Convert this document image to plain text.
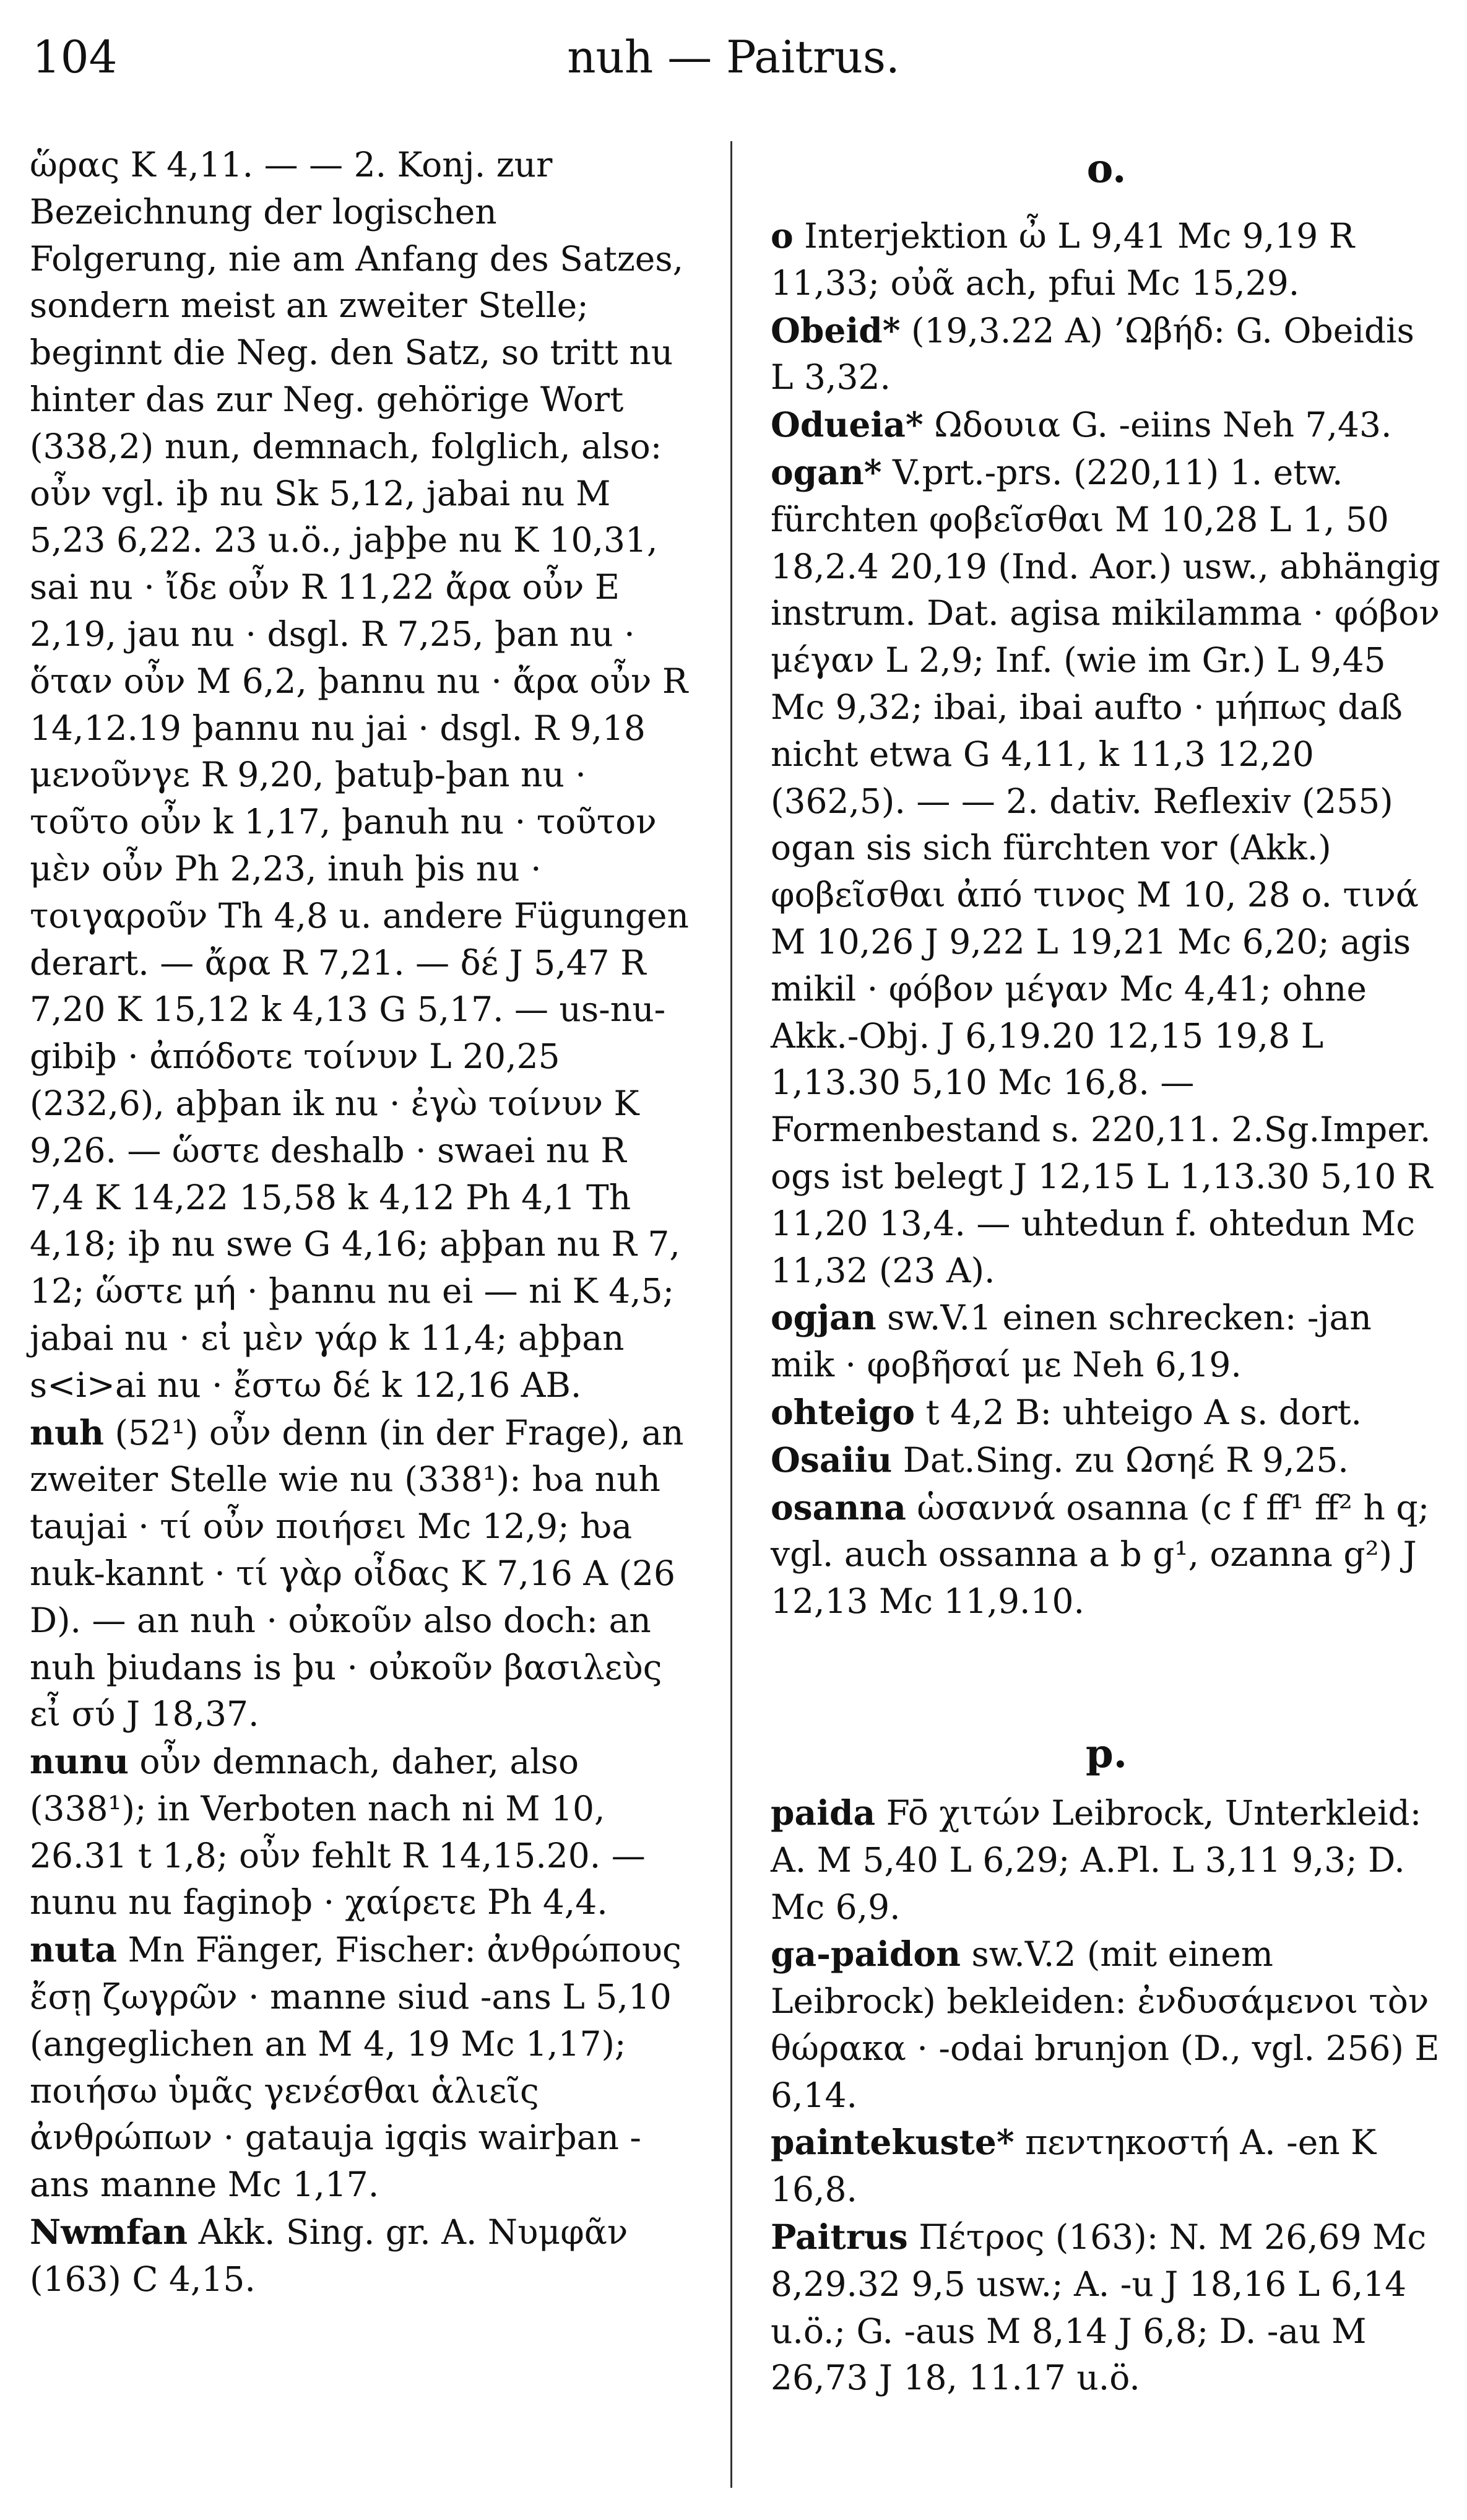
104	nuh — Paitrus.

ὥρας K 4,11. — — 2. Konj. zur Bezeichnung der logischen Folgerung, nie am Anfang des Satzes, sondern meist an zweiter Stelle; beginnt die Neg. den Satz, so tritt nu hinter das zur Neg. gehörige Wort (338,2) nun, demnach, folglich, also: οὖν vgl. iþ nu Sk 5,12, jabai nu M 5,23 6,22. 23 u.ö., jaþþe nu K 10,31, sai nu · ἴδε οὖν R 11,22 ἄρα οὖν E 2,19, jau nu · dsgl. R 7,25, þan nu · ὅταν οὖν M 6,2, þannu nu · ἄρα οὖν R 14,12.19 þannu nu jai · dsgl. R 9,18 μενοῦνγε R 9,20, þatuþ-þan nu · τοῦτο οὖν k 1,17, þanuh nu · τοῦτον μὲν οὖν Ph 2,23, inuh þis nu · τοιγαροῦν Th 4,8 u. andere Fügungen derart. — ἄρα R 7,21. — δέ J 5,47 R 7,20 K 15,12 k 4,13 G 5,17. — us-nu-gibiþ · ἀπόδοτε τοίνυν L 20,25 (232,6), aþþan ik nu · ἐγὼ τοίνυν K 9,26. — ὥστε deshalb · swaei nu R 7,4 K 14,22 15,58 k 4,12 Ph 4,1 Th 4,18; iþ nu swe G 4,16; aþþan nu R 7, 12; ὥστε μή · þannu nu ei — ni K 4,5; jabai nu · εἰ μὲν γάρ k 11,4; aþþan s<i>ai nu · ἔστω δέ k 12,16 AB.

nuh (52¹) οὖν denn (in der Frage), an zweiter Stelle wie nu (338¹): ƕa nuh taujai · τί οὖν ποιήσει Mc 12,9; ƕa nuk-kannt · τί γὰρ οἶδας K 7,16 A (26 D). — an nuh · οὐκοῦν also doch: an nuh þiudans is þu · οὐκοῦν βασιλεὺς εἶ σύ J 18,37.

nunu οὖν demnach, daher, also (338¹); in Verboten nach ni M 10, 26.31 t 1,8; οὖν fehlt R 14,15.20. — nunu nu faginoþ · χαίρετε Ph 4,4.

nuta Mn Fänger, Fischer: ἀνθρώπους ἔσῃ ζωγρῶν · manne siud -ans L 5,10 (angeglichen an M 4, 19 Mc 1,17); ποιήσω ὑμᾶς γενέσθαι ἁλιεῖς ἀνθρώπων · gatauja igqis wairþan -ans manne Mc 1,17.

Nwmfan Akk. Sing. gr. A. Νυμφᾶν (163) C 4,15.

o.

o Interjektion ὦ L 9,41 Mc 9,19 R 11,33; οὐᾶ ach, pfui Mc 15,29.

Obeid* (19,3.22 A) ’Ωβήδ: G. Obeidis L 3,32.

Odueia* Ωδουια G. -eiins Neh 7,43.

ogan* V.prt.-prs. (220,11) 1. etw. fürchten φοβεῖσθαι M 10,28 L 1, 50 18,2.4 20,19 (Ind. Aor.) usw., abhängig instrum. Dat. agisa mikilamma · φόβον μέγαν L 2,9; Inf. (wie im Gr.) L 9,45 Mc 9,32; ibai, ibai aufto · μήπως daß nicht etwa G 4,11, k 11,3 12,20 (362,5). — — 2. dativ. Reflexiv (255) ogan sis sich fürchten vor (Akk.) φοβεῖσθαι ἀπό τινος M 10, 28 o. τινά M 10,26 J 9,22 L 19,21 Mc 6,20; agis mikil · φόβον μέγαν Mc 4,41; ohne Akk.-Obj. J 6,19.20 12,15 19,8 L 1,13.30 5,10 Mc 16,8. — Formenbestand s. 220,11. 2.Sg.Imper. ogs ist belegt J 12,15 L 1,13.30 5,10 R 11,20 13,4. — uhtedun f. ohtedun Mc 11,32 (23 A).

ogjan sw.V.1 einen schrecken: -jan mik · φοβῆσαί με Neh 6,19.

ohteigo t 4,2 B: uhteigo A s. dort.

Osaiiu Dat.Sing. zu Ωσηέ R 9,25.

osanna ὡσαννά osanna (c f ff¹ ff² h q; vgl. auch ossanna a b g¹, ozanna g²) J 12,13 Mc 11,9.10.

p.

paida Fō χιτών Leibrock, Unterkleid: A. M 5,40 L 6,29; A.Pl. L 3,11 9,3; D. Mc 6,9.

ga-paidon sw.V.2 (mit einem Leibrock) bekleiden: ἐνδυσάμενοι τὸν θώρακα · -odai brunjon (D., vgl. 256) E 6,14.

paintekuste* πεντηκοστή A. -en K 16,8.

Paitrus Πέτρος (163): N. M 26,69 Mc 8,29.32 9,5 usw.; A. -u J 18,16 L 6,14 u.ö.; G. -aus M 8,14 J 6,8; D. -au M 26,73 J 18, 11.17 u.ö.
